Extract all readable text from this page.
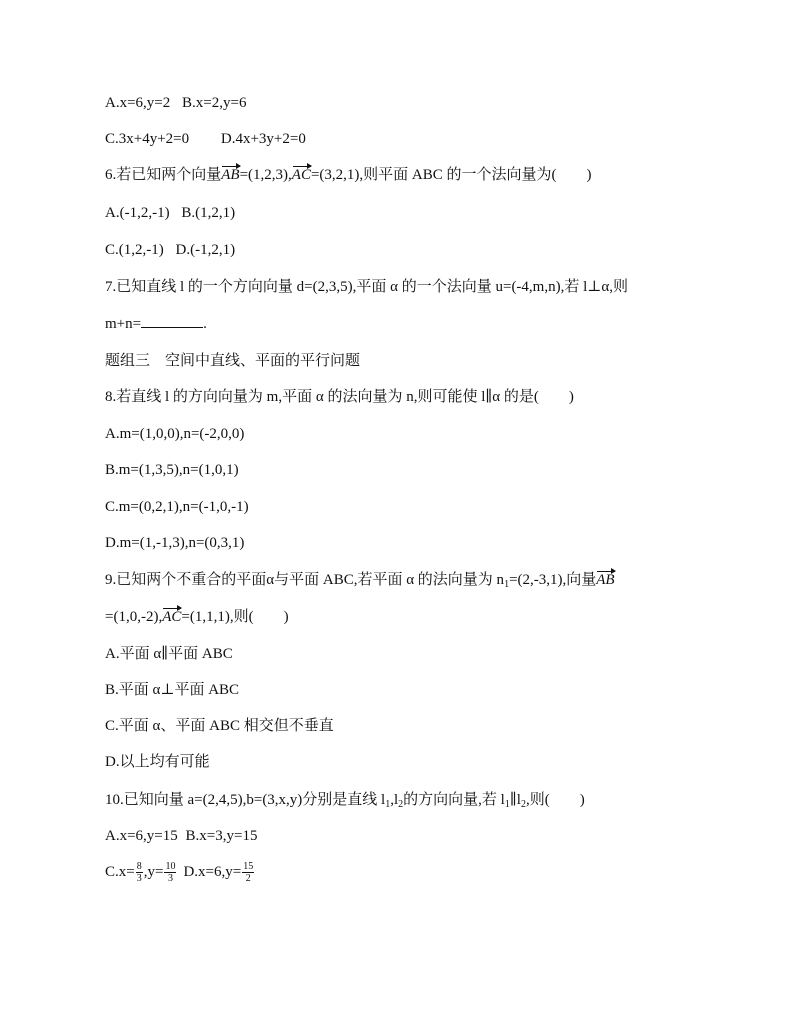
A.x=6,y=2 B.x=2,y=6
C.3x+4y+2=0 D.4x+3y+2=0
6.若已知两个向量AB=(1,2,3),AC=(3,2,1),则平面 ABC 的一个法向量为( )
A.(-1,2,-1) B.(1,2,1)
C.(1,2,-1) D.(-1,2,1)
7.已知直线 l 的一个方向向量 d=(2,3,5),平面 α 的一个法向量 u=(-4,m,n),若 l⊥α,则
m+n=	.
题组三　空间中直线、平面的平行问题
8.若直线 l 的方向向量为 m,平面 α 的法向量为 n,则可能使 l∥α 的是( )
A.m=(1,0,0),n=(-2,0,0)
B.m=(1,3,5),n=(1,0,1)
C.m=(0,2,1),n=(-1,0,-1)
D.m=(1,-1,3),n=(0,3,1)
9.已知两个不重合的平面α与平面 ABC,若平面 α 的法向量为 $n_1=(2,-3,1)$,向量AB
=(1,0,-2),AC=(1,1,1),则( )
A.平面 α∥平面 ABC
B.平面 α⊥平面 ABC
C.平面 α、平面 ABC 相交但不垂直
D.以上均有可能
10.已知向量 a=(2,4,5),b=(3,x,y)分别是直线 $l_1,l_2$的方向向量,若 $l_1\parallel l_2$,则( )
A.x=6,y=15 B.x=3,y=15
$C.x= \frac{8}{3} ,y= \frac{10}{3} D.x=6,y= \frac{15}{2}$
